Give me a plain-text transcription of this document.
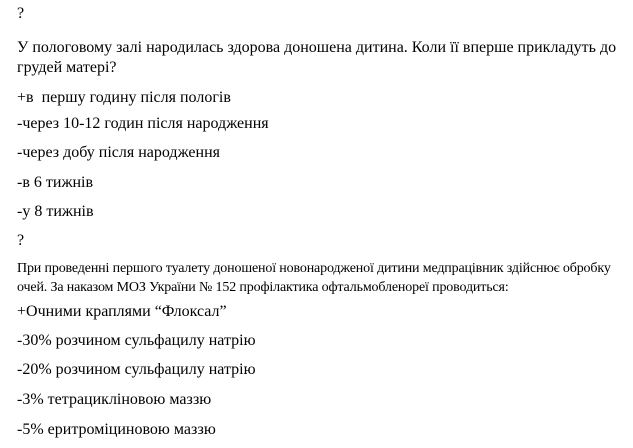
?
У пологовому залі народилась здорова доношена дитина. Коли її вперше прикладуть до
грудей матері?
+в  першу годину після пологів
-через 10-12 годин після народження
-через добу після народження
-в 6 тижнів
-у 8 тижнів
?
При проведенні першого туалету доношеної новонародженої дитини медпрацівник здійснює обробку
очей. За наказом МОЗ України № 152 профілактика офтальмобленореї проводиться:
+Очними краплями “Флоксал”
-30% розчином сульфацилу натрію
-20% розчином сульфацилу натрію
-3% тетрацикліновою маззю
-5% еритроміциновою маззю
